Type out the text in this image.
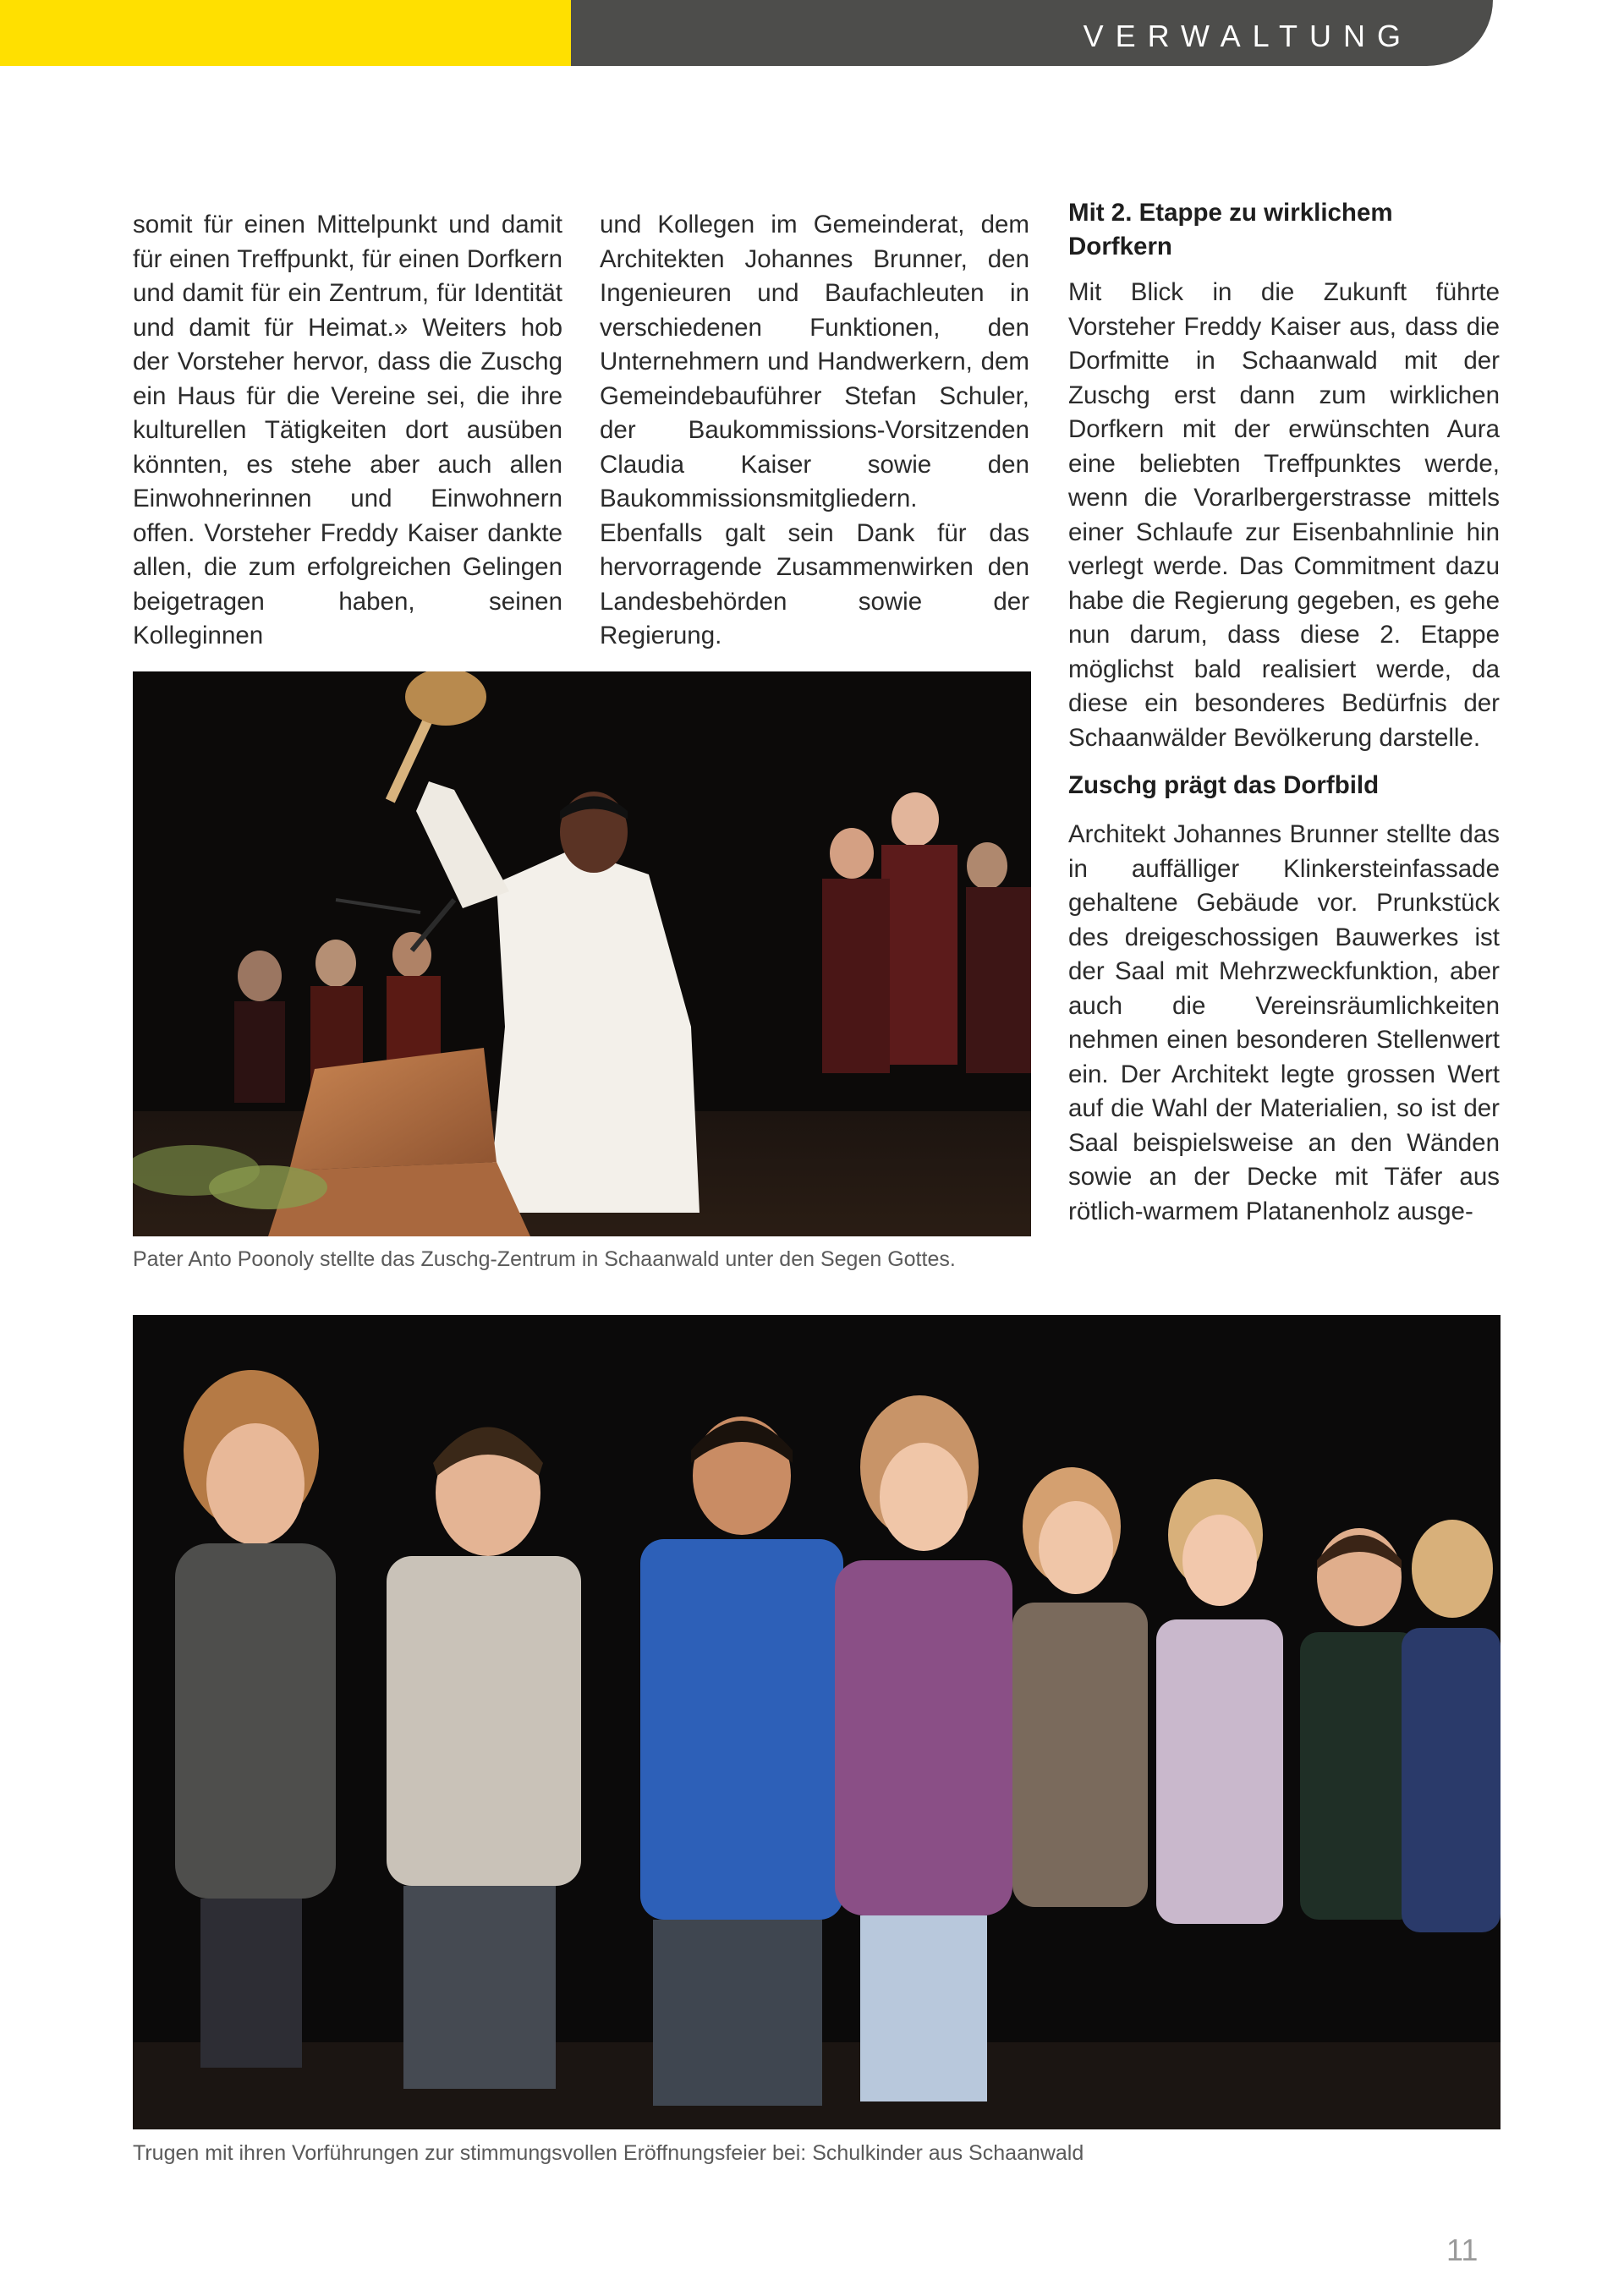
VERWALTUNG

somit für einen Mittelpunkt und damit für einen Treffpunkt, für einen Dorfkern und damit für ein Zentrum, für Identität und damit für Heimat.» Weiters hob der Vorsteher hervor, dass die Zuschg ein Haus für die Vereine sei, die ihre kulturellen Tätigkeiten dort ausüben könnten, es stehe aber auch allen Einwohnerinnen und Einwohnern offen. Vorsteher Freddy Kaiser dankte allen, die zum erfolgreichen Gelingen beigetragen haben, seinen Kolleginnen

und Kollegen im Gemeinderat, dem Architekten Johannes Brunner, den Ingenieuren und Baufachleuten in verschiedenen Funktionen, den Unternehmern und Handwerkern, dem Gemeindebauführer Stefan Schuler, der Baukommissions-Vorsitzenden Claudia Kaiser sowie den Baukommissionsmitgliedern.

Ebenfalls galt sein Dank für das hervorragende Zusammenwirken den Landesbehörden sowie der Regierung.

Mit 2. Etappe zu wirklichem Dorfkern

Mit Blick in die Zukunft führte Vorsteher Freddy Kaiser aus, dass die Dorfmitte in Schaanwald mit der Zuschg erst dann zum wirklichen Dorfkern mit der erwünschten Aura eine beliebten Treffpunktes werde, wenn die Vorarlbergerstrasse mittels einer Schlaufe zur Eisenbahnlinie hin verlegt werde. Das Commitment dazu habe die Regierung gegeben, es gehe nun darum, dass diese 2. Etappe möglichst bald realisiert werde, da diese ein besonderes Bedürfnis der Schaanwälder Bevölkerung darstelle.

Zuschg prägt das Dorfbild

Architekt Johannes Brunner stellte das in auffälliger Klinkersteinfassade gehaltene Gebäude vor. Prunkstück des dreigeschossigen Bauwerkes ist der Saal mit Mehrzweckfunktion, aber auch die Vereinsräumlichkeiten nehmen einen besonderen Stellenwert ein. Der Architekt legte grossen Wert auf die Wahl der Materialien, so ist der Saal beispielsweise an den Wänden sowie an der Decke mit Täfer aus rötlich-warmem Platanenholz ausge-

Pater Anto Poonoly stellte das Zuschg-Zentrum in Schaanwald unter den Segen Gottes.
Trugen mit ihren Vorführungen zur stimmungsvollen Eröffnungsfeier bei: Schulkinder aus Schaanwald
11
